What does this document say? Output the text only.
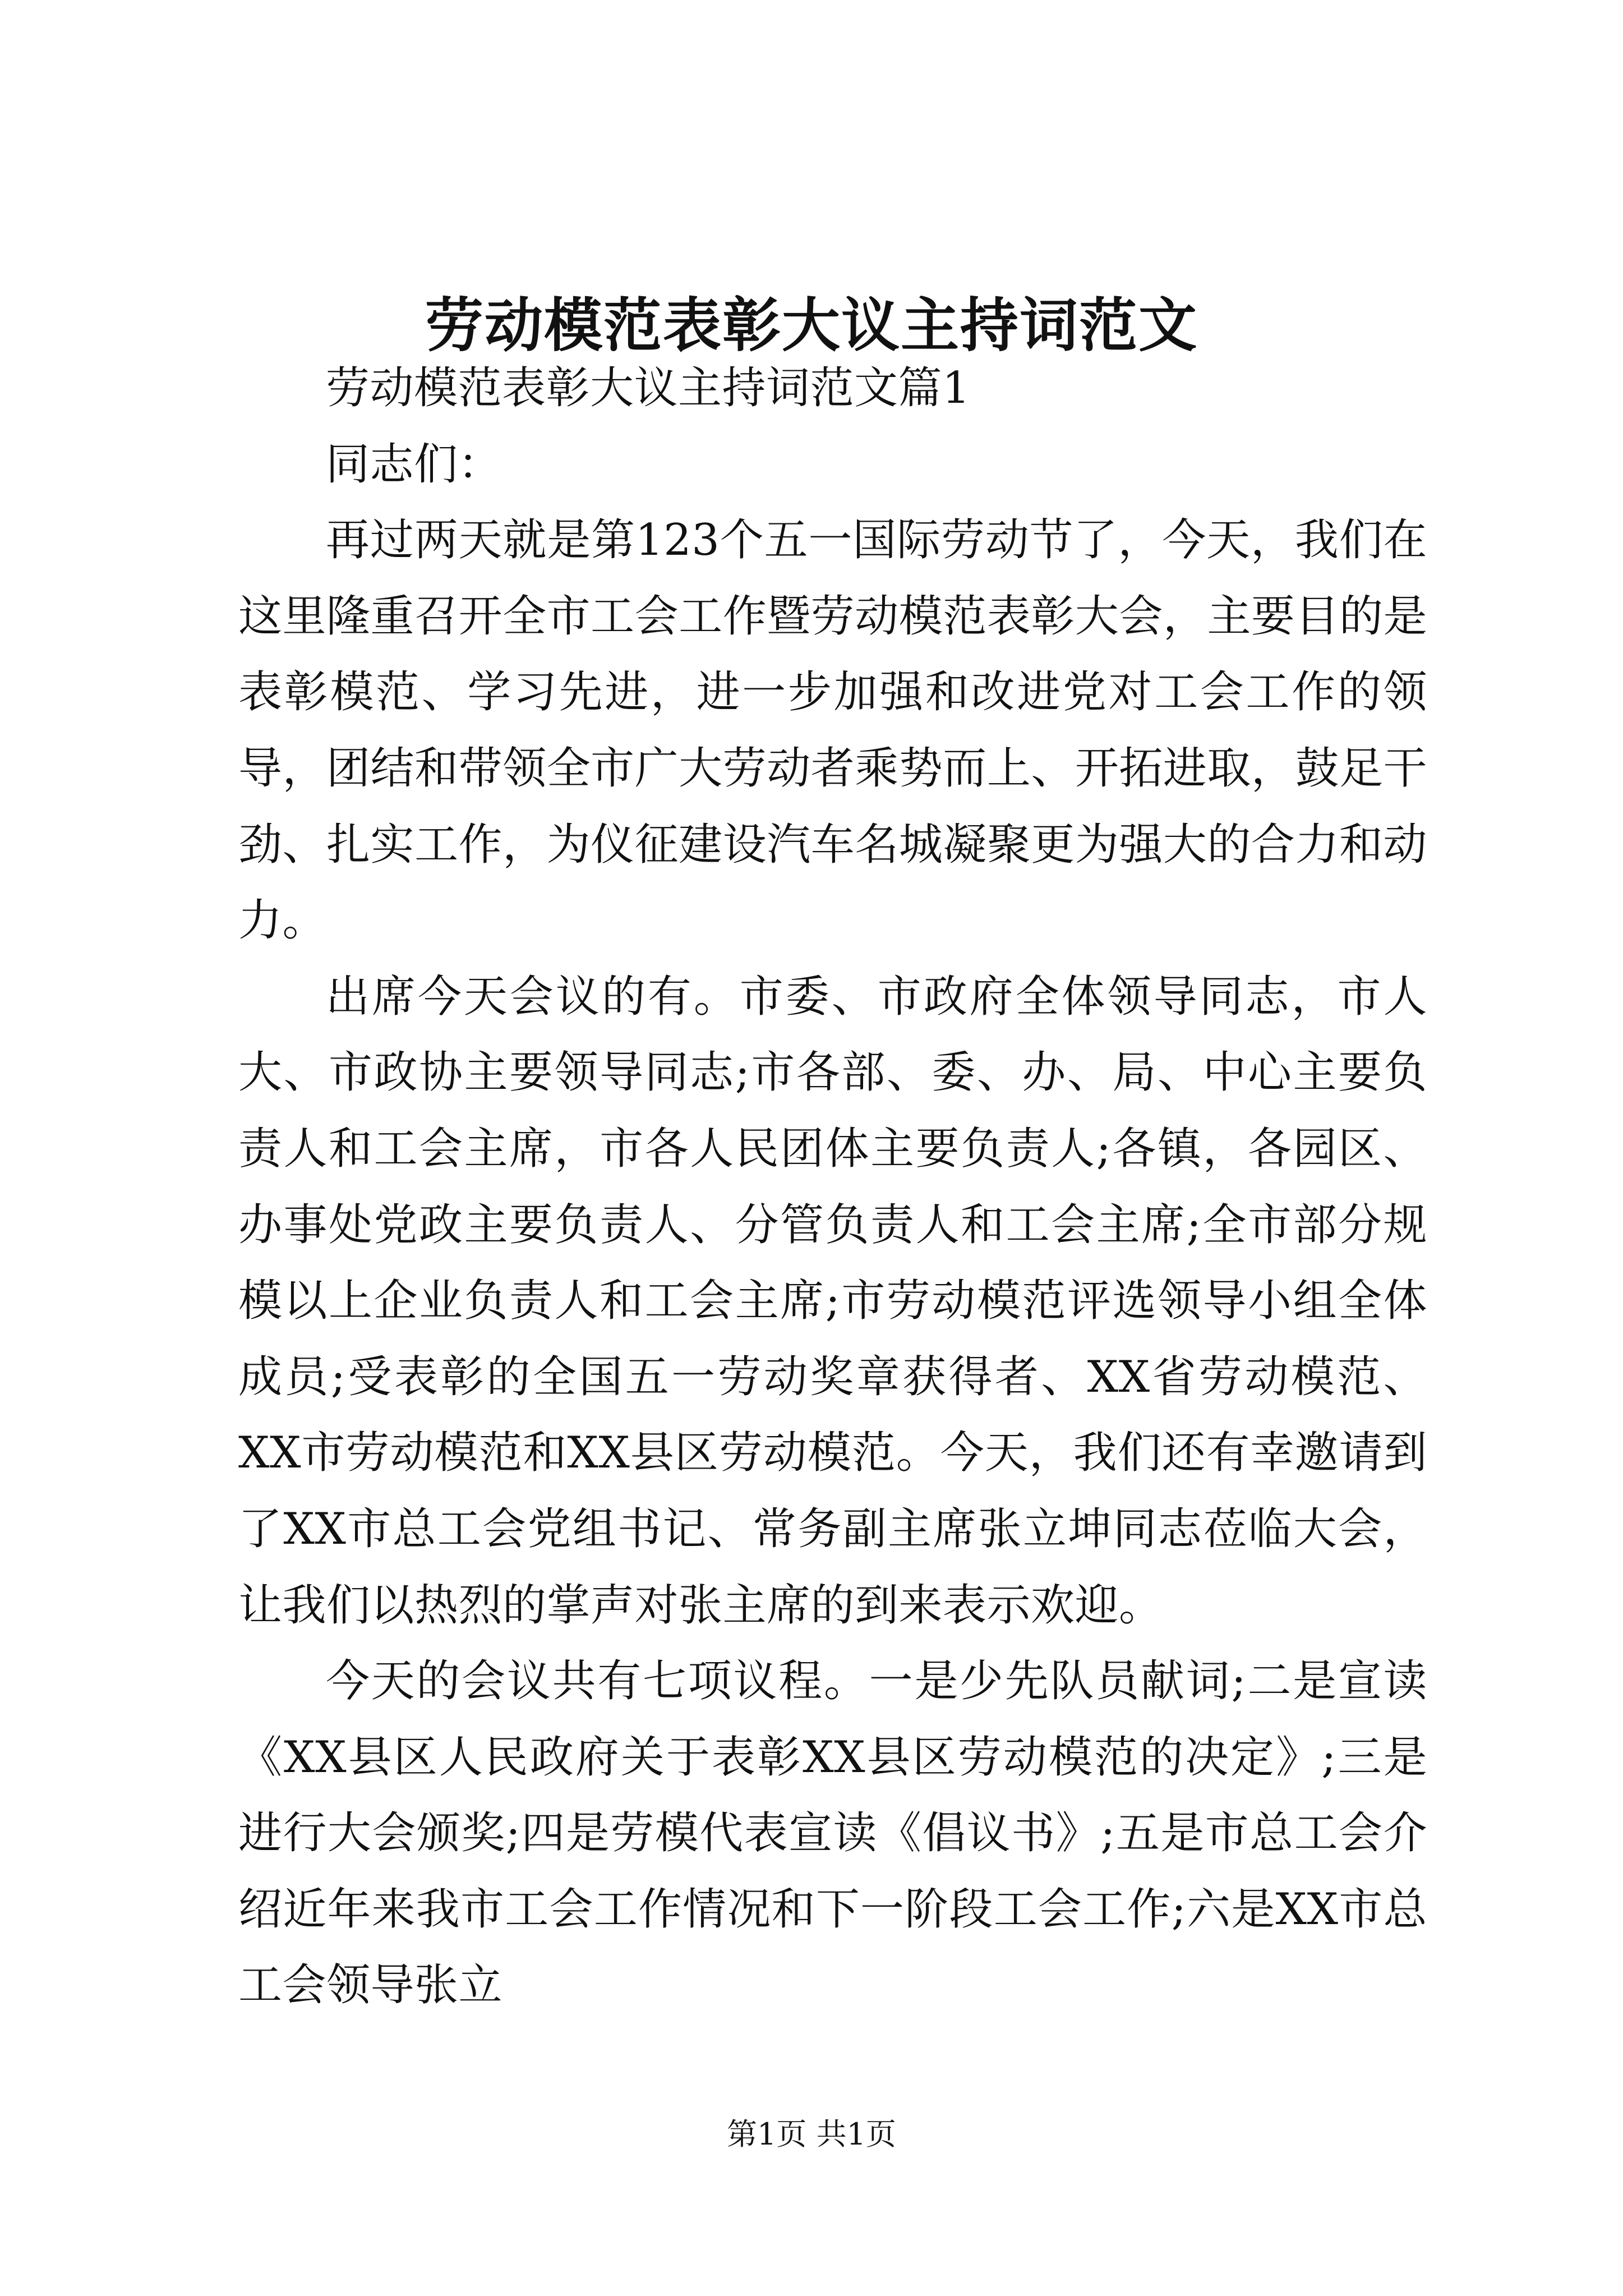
劳动模范表彰大议主持词范文

劳动模范表彰大议主持词范文篇1

同志们：

再过两天就是第123个五一国际劳动节了，今天，我们在这里隆重召开全市工会工作暨劳动模范表彰大会，主要目的是表彰模范、学习先进，进一步加强和改进党对工会工作的领导，团结和带领全市广大劳动者乘势而上、开拓进取，鼓足干劲、扎实工作，为仪征建设汽车名城凝聚更为强大的合力和动力。

出席今天会议的有。市委、市政府全体领导同志，市人大、市政协主要领导同志;市各部、委、办、局、中心主要负责人和工会主席，市各人民团体主要负责人;各镇，各园区、办事处党政主要负责人、分管负责人和工会主席;全市部分规模以上企业负责人和工会主席;市劳动模范评选领导小组全体成员;受表彰的全国五一劳动奖章获得者、XX省劳动模范、XX市劳动模范和XX县区劳动模范。今天，我们还有幸邀请到了XX市总工会党组书记、常务副主席张立坤同志莅临大会，让我们以热烈的掌声对张主席的到来表示欢迎。

今天的会议共有七项议程。一是少先队员献词;二是宣读《XX县区人民政府关于表彰XX县区劳动模范的决定》;三是进行大会颁奖;四是劳模代表宣读《倡议书》;五是市总工会介绍近年来我市工会工作情况和下一阶段工会工作;六是XX市总工会领导张立

第1页 共1页
